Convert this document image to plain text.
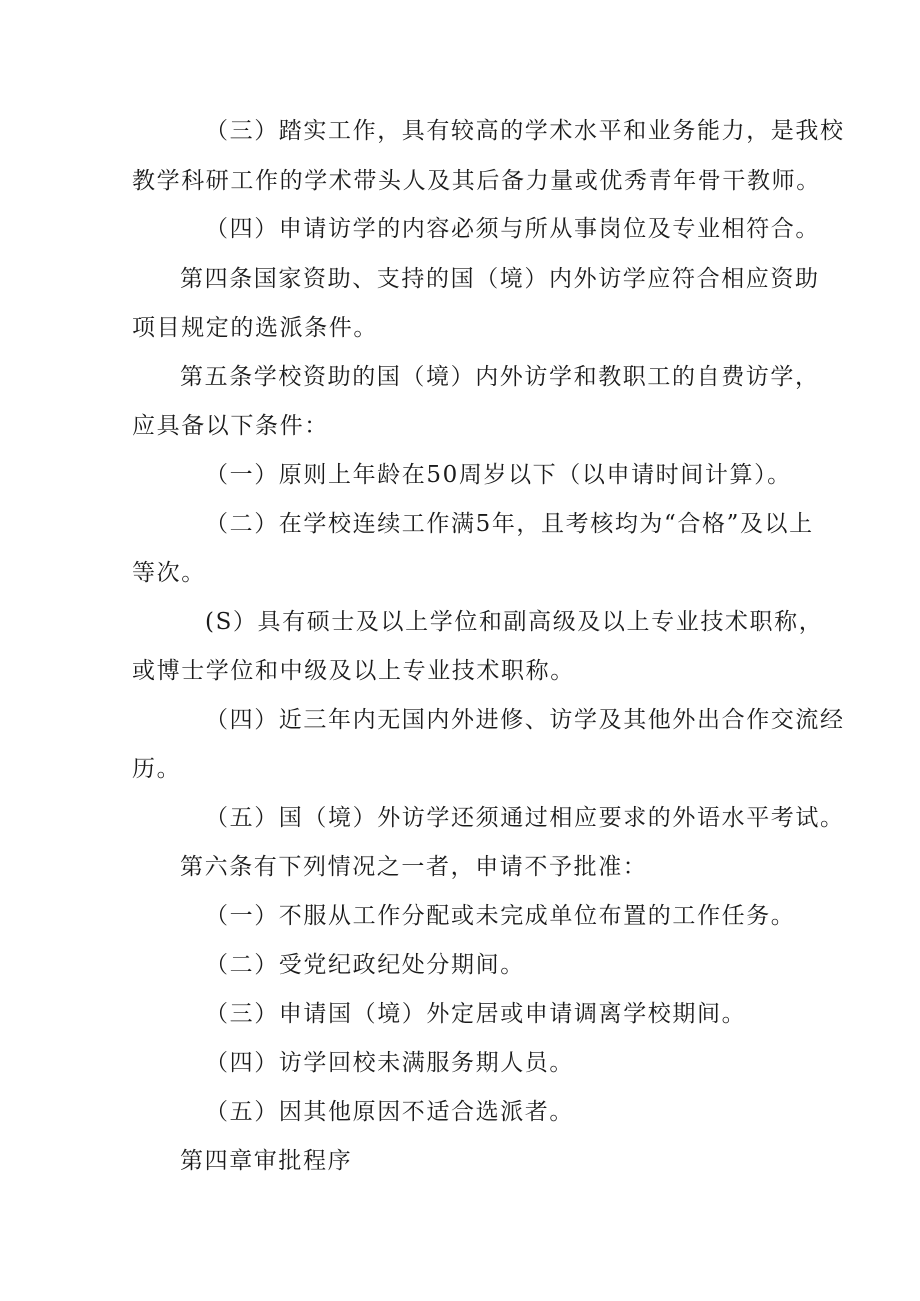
（三）踏实工作，具有较高的学术水平和业务能力，是我校
教学科研工作的学术带头人及其后备力量或优秀青年骨干教师。
（四）申请访学的内容必须与所从事岗位及专业相符合。
第四条国家资助、支持的国（境）内外访学应符合相应资助
项目规定的选派条件。
第五条学校资助的国（境）内外访学和教职工的自费访学，
应具备以下条件：
（一）原则上年龄在50周岁以下（以申请时间计算）。
（二）在学校连续工作满5年，且考核均为“合格”及以上
等次。
(S）具有硕士及以上学位和副高级及以上专业技术职称，
或博士学位和中级及以上专业技术职称。
（四）近三年内无国内外进修、访学及其他外出合作交流经
历。
（五）国（境）外访学还须通过相应要求的外语水平考试。
第六条有下列情况之一者，申请不予批准：
（一）不服从工作分配或未完成单位布置的工作任务。
（二）受党纪政纪处分期间。
（三）申请国（境）外定居或申请调离学校期间。
（四）访学回校未满服务期人员。
（五）因其他原因不适合选派者。
第四章审批程序
